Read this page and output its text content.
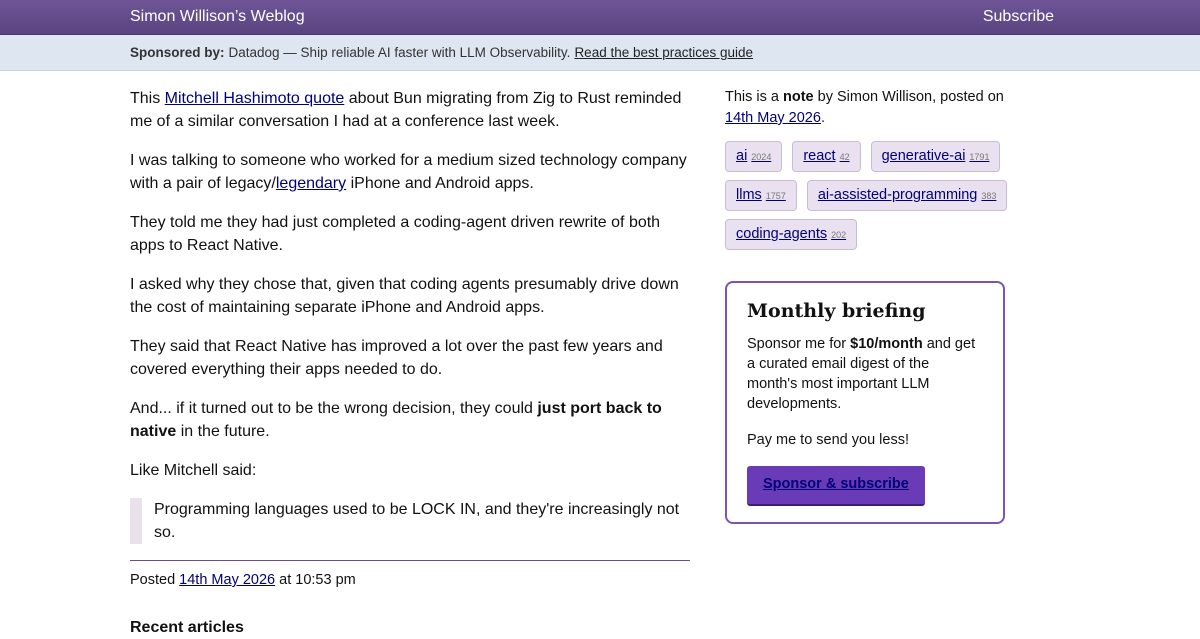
Simon Willison’s Weblog	Subscribe
Sponsored by: Datadog — Ship reliable AI faster with LLM Observability. Read the best practices guide

This Mitchell Hashimoto quote about Bun migrating from Zig to Rust reminded me of a similar conversation I had at a conference last week.

I was talking to someone who worked for a medium sized technology company with a pair of legacy/legendary iPhone and Android apps.

They told me they had just completed a coding-agent driven rewrite of both apps to React Native.

I asked why they chose that, given that coding agents presumably drive down the cost of maintaining separate iPhone and Android apps.

They said that React Native has improved a lot over the past few years and covered everything their apps needed to do.

And... if it turned out to be the wrong decision, they could just port back to native in the future.

Like Mitchell said:

Programming languages used to be LOCK IN, and they're increasingly not so.
Posted 14th May 2026 at 10:53 pm
Recent articles
This is a note by Simon Willison, posted on 14th May 2026.
ai 2024 react 42 generative-ai 1791
llms 1757 ai-assisted-programming 383
coding-agents 202
Monthly briefing

Sponsor me for $10/month and get a curated email digest of the month's most important LLM developments.

Pay me to send you less!

Sponsor & subscribe
